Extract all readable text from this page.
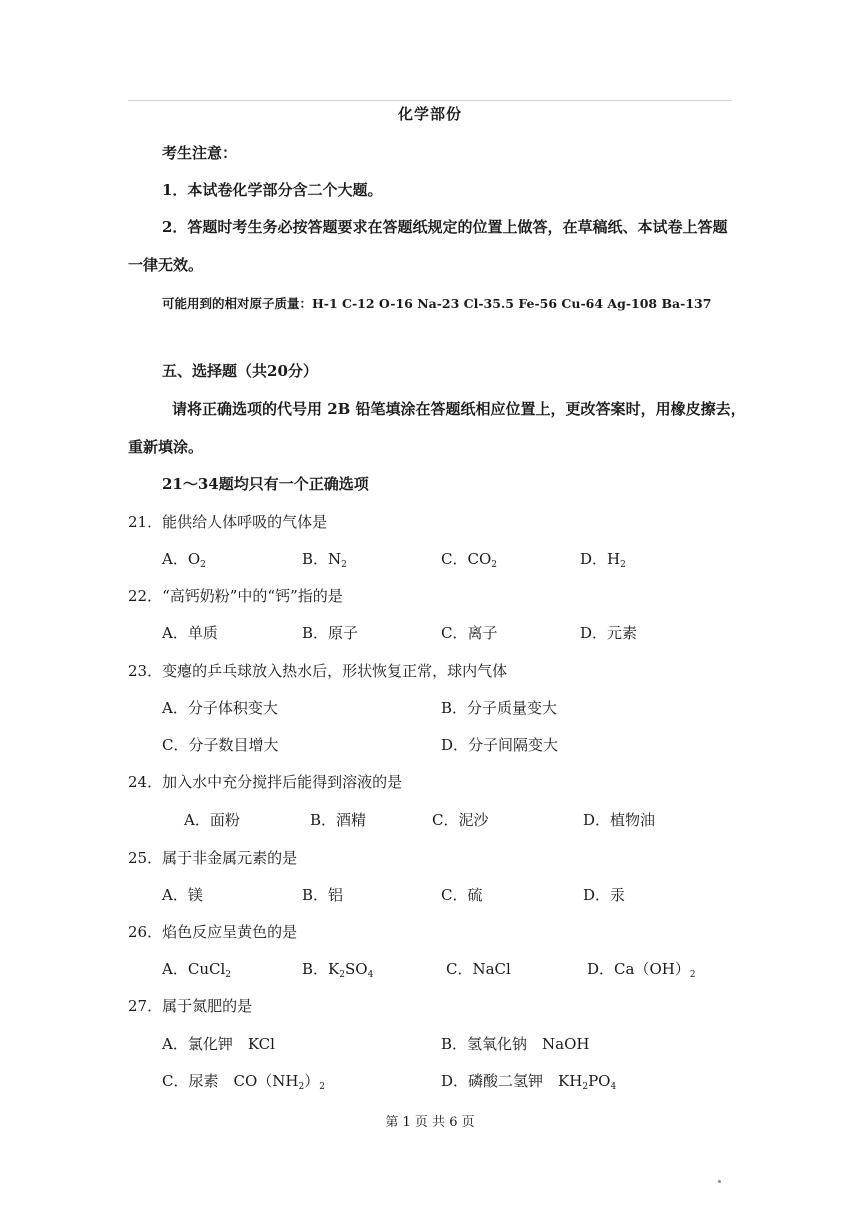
化学部份
考生注意：
1．本试卷化学部分含二个大题。
2．答题时考生务必按答题要求在答题纸规定的位置上做答，在草稿纸、本试卷上答题
一律无效。
可能用到的相对原子质量：H-1 C-12 O-16 Na-23 Cl-35.5 Fe-56 Cu-64 Ag-108 Ba-137
五、选择题（共20分）
请将正确选项的代号用 2B 铅笔填涂在答题纸相应位置上，更改答案时，用橡皮擦去，
重新填涂。
21～34题均只有一个正确选项
21．能供给人体呼吸的气体是
A．$O_2$	B．$N_2$	C．$CO_2$	D．$H_2$
22．“高钙奶粉”中的“钙”指的是
A．单质	B．原子	C．离子	D．元素
23．变瘪的乒乓球放入热水后，形状恢复正常，球内气体
A．分子体积变大	B．分子质量变大
C．分子数目增大	D．分子间隔变大
24．加入水中充分搅拌后能得到溶液的是
A．面粉	B．酒精	C．泥沙	D．植物油
25．属于非金属元素的是
A．镁	B．铝	C．硫	D．汞
26．焰色反应呈黄色的是
A．CuCl$_2$	B．$K_2SO_4$	C．NaCl	D．$Ca(OH)_2$
27．属于氮肥的是
A．氯化钾　KCl	B．氢氧化钠　NaOH
C．尿素　$CO(NH_2)_2$	D．磷酸二氢钾　$KH_2PO_4$
第 1 页 共 6 页
